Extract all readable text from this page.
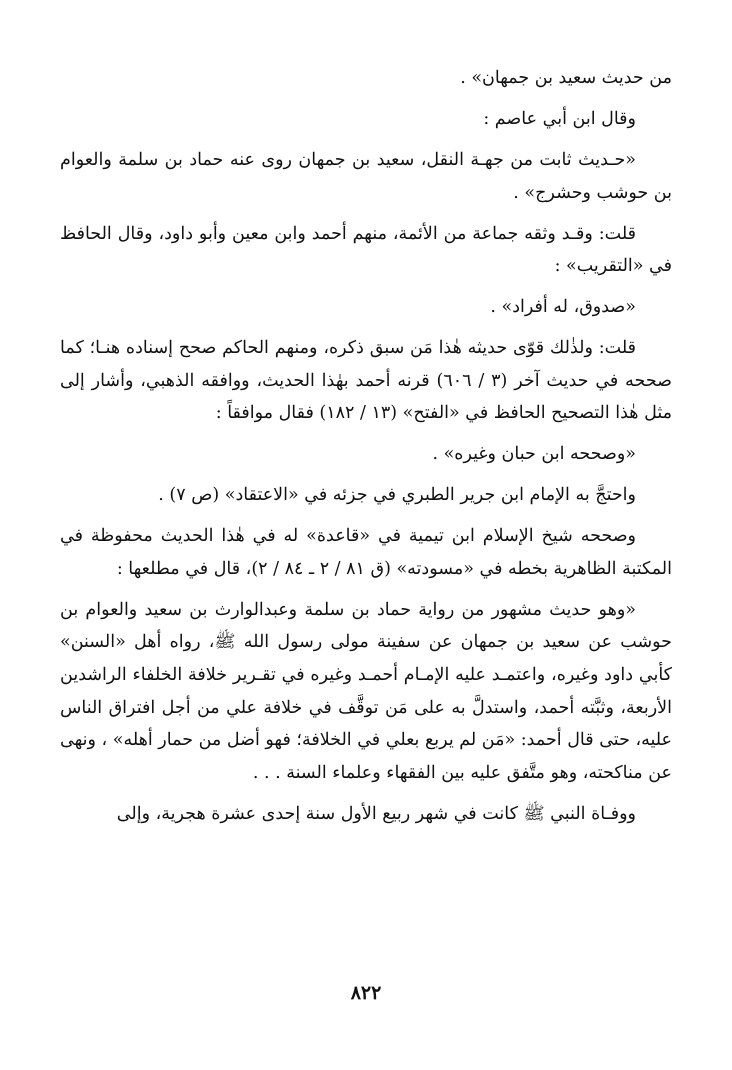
من حديث سعيد بن جمهان» .

وقال ابن أبي عاصم :

«حـديث ثابت من جهـة النقل، سعيد بن جمهان روى عنه حماد بن سلمة والعوام بن حوشب وحشرج» .

قلت: وقـد وثقه جماعة من الأئمة، منهم أحمد وابن معين وأبو داود، وقال الحافظ في «التقريب» :

«صدوق، له أفراد» .

قلت: ولذٰلك قوّى حديثه هٰذا مَن سبق ذكره، ومنهم الحاكم صحح إسناده هنـا؛ كما صححه في حديث آخر (٣ / ٦٠٦) قرنه أحمد بهٰذا الحديث، ووافقه الذهبي، وأشار إلى مثل هٰذا التصحيح الحافظ في «الفتح» (١٣ / ١٨٢) فقال موافقاً :

«وصححه ابن حبان وغيره» .

واحتجَّ به الإمام ابن جرير الطبري في جزئه في «الاعتقاد» (ص ٧) .

وصححه شيخ الإسلام ابن تيمية في «قاعدة» له في هٰذا الحديث محفوظة في المكتبة الظاهرية بخطه في «مسودته» (ق ٨١ / ٢ ـ ٨٤ / ٢)، قال في مطلعها :

«وهو حديث مشهور من رواية حماد بن سلمة وعبدالوارث بن سعيد والعوام بن حوشب عن سعيد بن جمهان عن سفينة مولى رسول الله ﷺ، رواه أهل «السنن» كأبي داود وغيره، واعتمـد عليه الإمـام أحمـد وغيره في تقـرير خلافة الخلفاء الراشدين الأربعة، وثبَّته أحمد، واستدلَّ به على مَن توقَّف في خلافة علي من أجل افتراق الناس عليه، حتى قال أحمد: «مَن لم يربع بعلي في الخلافة؛ فهو أضل من حمار أهله» ، ونهى عن مناكحته، وهو متَّفق عليه بين الفقهاء وعلماء السنة . . .

ووفـاة النبي ﷺ كانت في شهر ربيع الأول سنة إحدى عشرة هجرية، وإلى

٨٢٢
